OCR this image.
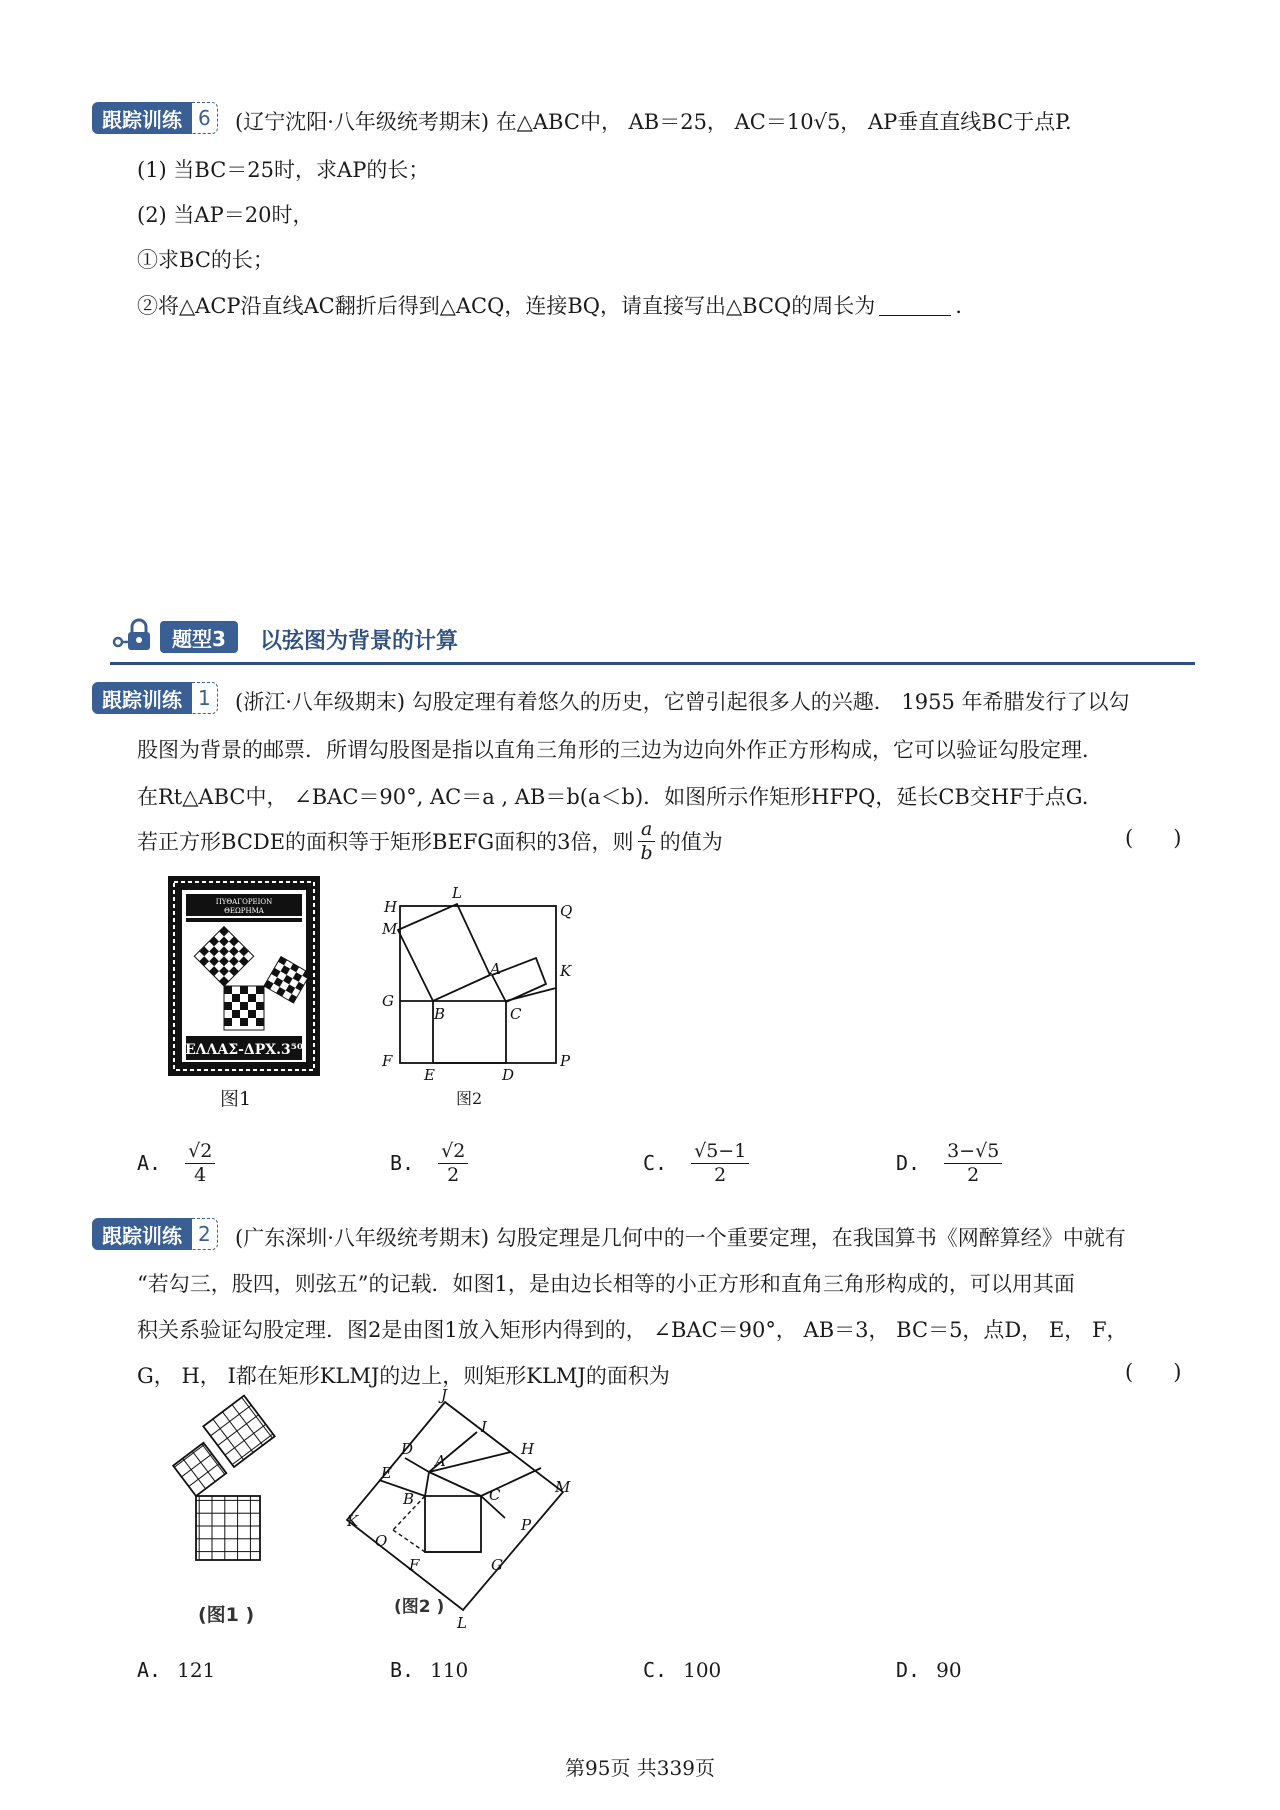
跟踪训练 6	(辽宁沈阳·八年级统考期末) 在△ABC中， AB＝25， AC＝10√5， AP垂直直线BC于点P.
(1) 当BC＝25时，求AP的长；
(2) 当AP＝20时，
①求BC的长；
②将△ACP沿直线AC翻折后得到△ACQ，连接BQ，请直接写出△BCQ的周长为	.
题型3	以弦图为背景的计算
跟踪训练 1	(浙江·八年级期末) 勾股定理有着悠久的历史，它曾引起很多人的兴趣． 1955 年希腊发行了以勾
股图为背景的邮票．所谓勾股图是指以直角三角形的三边为边向外作正方形构成，它可以验证勾股定理．
在Rt△ABC中， ∠BAC＝90°, AC＝a , AB＝b(a＜b)．如图所示作矩形HFPQ，延长CB交HF于点G.
若正方形BCDE的面积等于矩形BEFG面积的3倍，则 $\frac{a}{b}$ 的值为	(      )
ΠΥΘΑΓΟΡΕΙΟΝ
ΘΕΩΡΗΜΑ
ΕΛΛΑΣ-ΔΡΧ.3⁵⁰
图1
H
L
Q
M
A	K
G
B	C
F
E	D
P
图2
A. $\frac{√2}{4}$	B. $\frac{√2}{2}$	C. $\frac{√5-1}{2}$	D. $\frac{3-√5}{2}$
跟踪训练 2	(广东深圳·八年级统考期末) 勾股定理是几何中的一个重要定理，在我国算书《网醉算经》中就有
“若勾三，股四，则弦五”的记载．如图1，是由边长相等的小正方形和直角三角形构成的，可以用其面
积关系验证勾股定理．图2是由图1放入矩形内得到的， ∠BAC＝90°， AB＝3， BC＝5，点D， E， F，
G， H， I都在矩形KLMJ的边上，则矩形KLMJ的面积为	(      )
(图1 )
J
I
D
A
H
E
M
B	C
K	P
O
F	G
L
(图2 )
A. 121	B. 110	C. 100	D. 90
第95页 共339页
